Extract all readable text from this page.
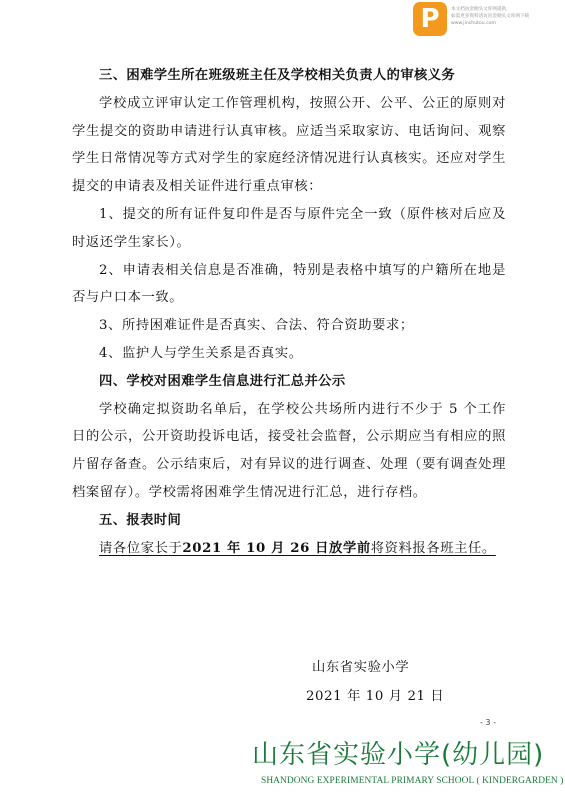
P	本文档由金锄头文库网提供，
如需更多资料请访问金锄头文库网下载
www.jinchutou.com

三、困难学生所在班级班主任及学校相关负责人的审核义务

学校成立评审认定工作管理机构，按照公开、公平、公正的原则对学生提交的资助申请进行认真审核。应适当采取家访、电话询问、观察学生日常情况等方式对学生的家庭经济情况进行认真核实。还应对学生提交的申请表及相关证件进行重点审核：

1、提交的所有证件复印件是否与原件完全一致（原件核对后应及时返还学生家长）。

2、申请表相关信息是否准确，特别是表格中填写的户籍所在地是否与户口本一致。

3、所持困难证件是否真实、合法、符合资助要求；

4、监护人与学生关系是否真实。

四、学校对困难学生信息进行汇总并公示

学校确定拟资助名单后，在学校公共场所内进行不少于 5 个工作日的公示，公开资助投诉电话，接受社会监督，公示期应当有相应的照片留存备查。公示结束后，对有异议的进行调查、处理（要有调查处理档案留存）。学校需将困难学生情况进行汇总，进行存档。

五、报表时间

请各位家长于2021 年 10 月 26 日放学前将资料报各班主任。

山东省实验小学
2021 年 10 月 21 日
- 3 -
山东省实验小学(幼儿园)
SHANDONG EXPERIMENTAL PRIMARY SCHOOL ( KINDERGARDEN )
